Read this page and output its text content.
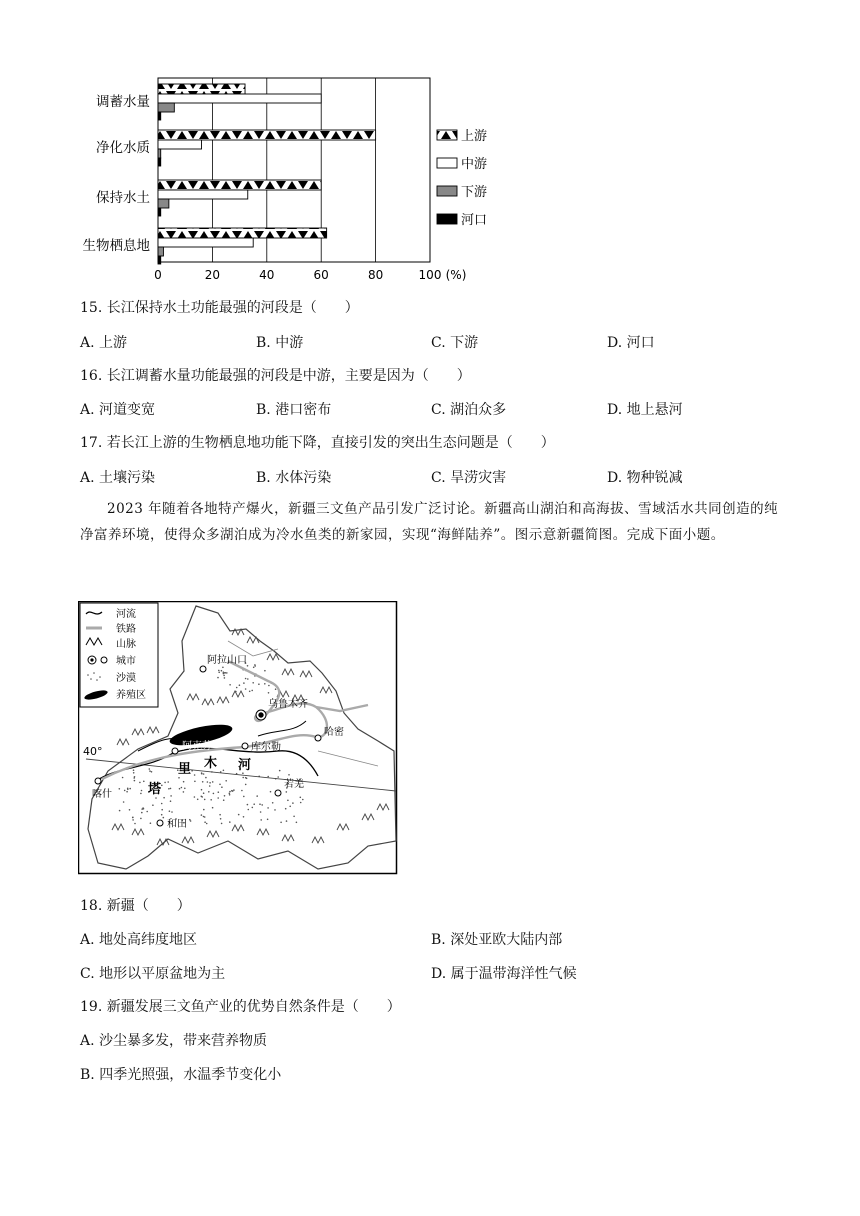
调蓄水量
净化水质
保持水土
生物栖息地
0	20	40	60	80	100 (%)
上游
中游
下游
河口
15. 长江保持水土功能最强的河段是（　　）
A. 上游	B. 中游	C. 下游	D. 河口
16. 长江调蓄水量功能最强的河段是中游，主要是因为（　　）
A. 河道变宽	B. 港口密布	C. 湖泊众多	D. 地上悬河
17. 若长江上游的生物栖息地功能下降，直接引发的突出生态问题是（　　）
A. 土壤污染	B. 水体污染	C. 旱涝灾害	D. 物种锐减
2023 年随着各地特产爆火，新疆三文鱼产品引发广泛讨论。新疆高山湖泊和高海拔、雪域活水共同创造的纯净富养环境，使得众多湖泊成为冷水鱼类的新家园，实现“海鲜陆养”。图示意新疆简图。完成下面小题。
河流
铁路
山脉
城市
沙漠
养殖区
阿拉山口
乌鲁木齐
哈密
阿克苏	库尔勒
喀什
若羌
和田
塔
里 木 河
40°
18. 新疆（　　）
A. 地处高纬度地区	B. 深处亚欧大陆内部
C. 地形以平原盆地为主	D. 属于温带海洋性气候
19. 新疆发展三文鱼产业的优势自然条件是（　　）
A. 沙尘暴多发，带来营养物质
B. 四季光照强，水温季节变化小
